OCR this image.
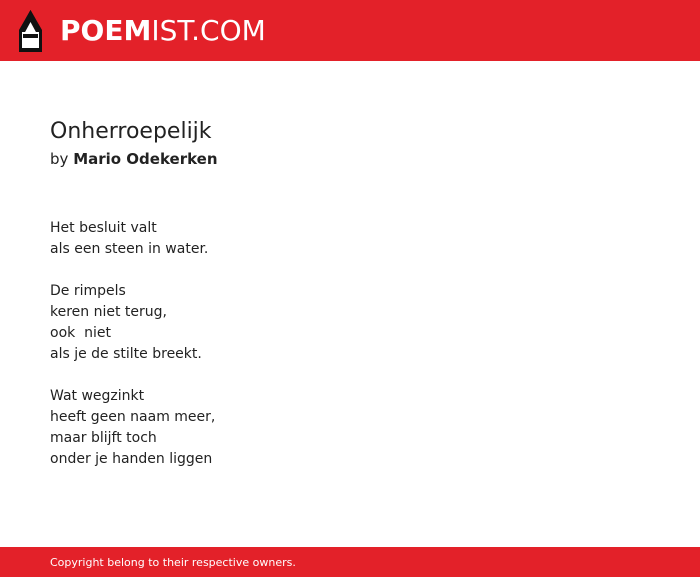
POEMIST.COM
Onherroepelijk
by Mario Odekerken
Het besluit valt
als een steen in water.
De rimpels
keren niet terug,
ook  niet
als je de stilte breekt.
Wat wegzinkt
heeft geen naam meer,
maar blijft toch
onder je handen liggen
Copyright belong to their respective owners.
